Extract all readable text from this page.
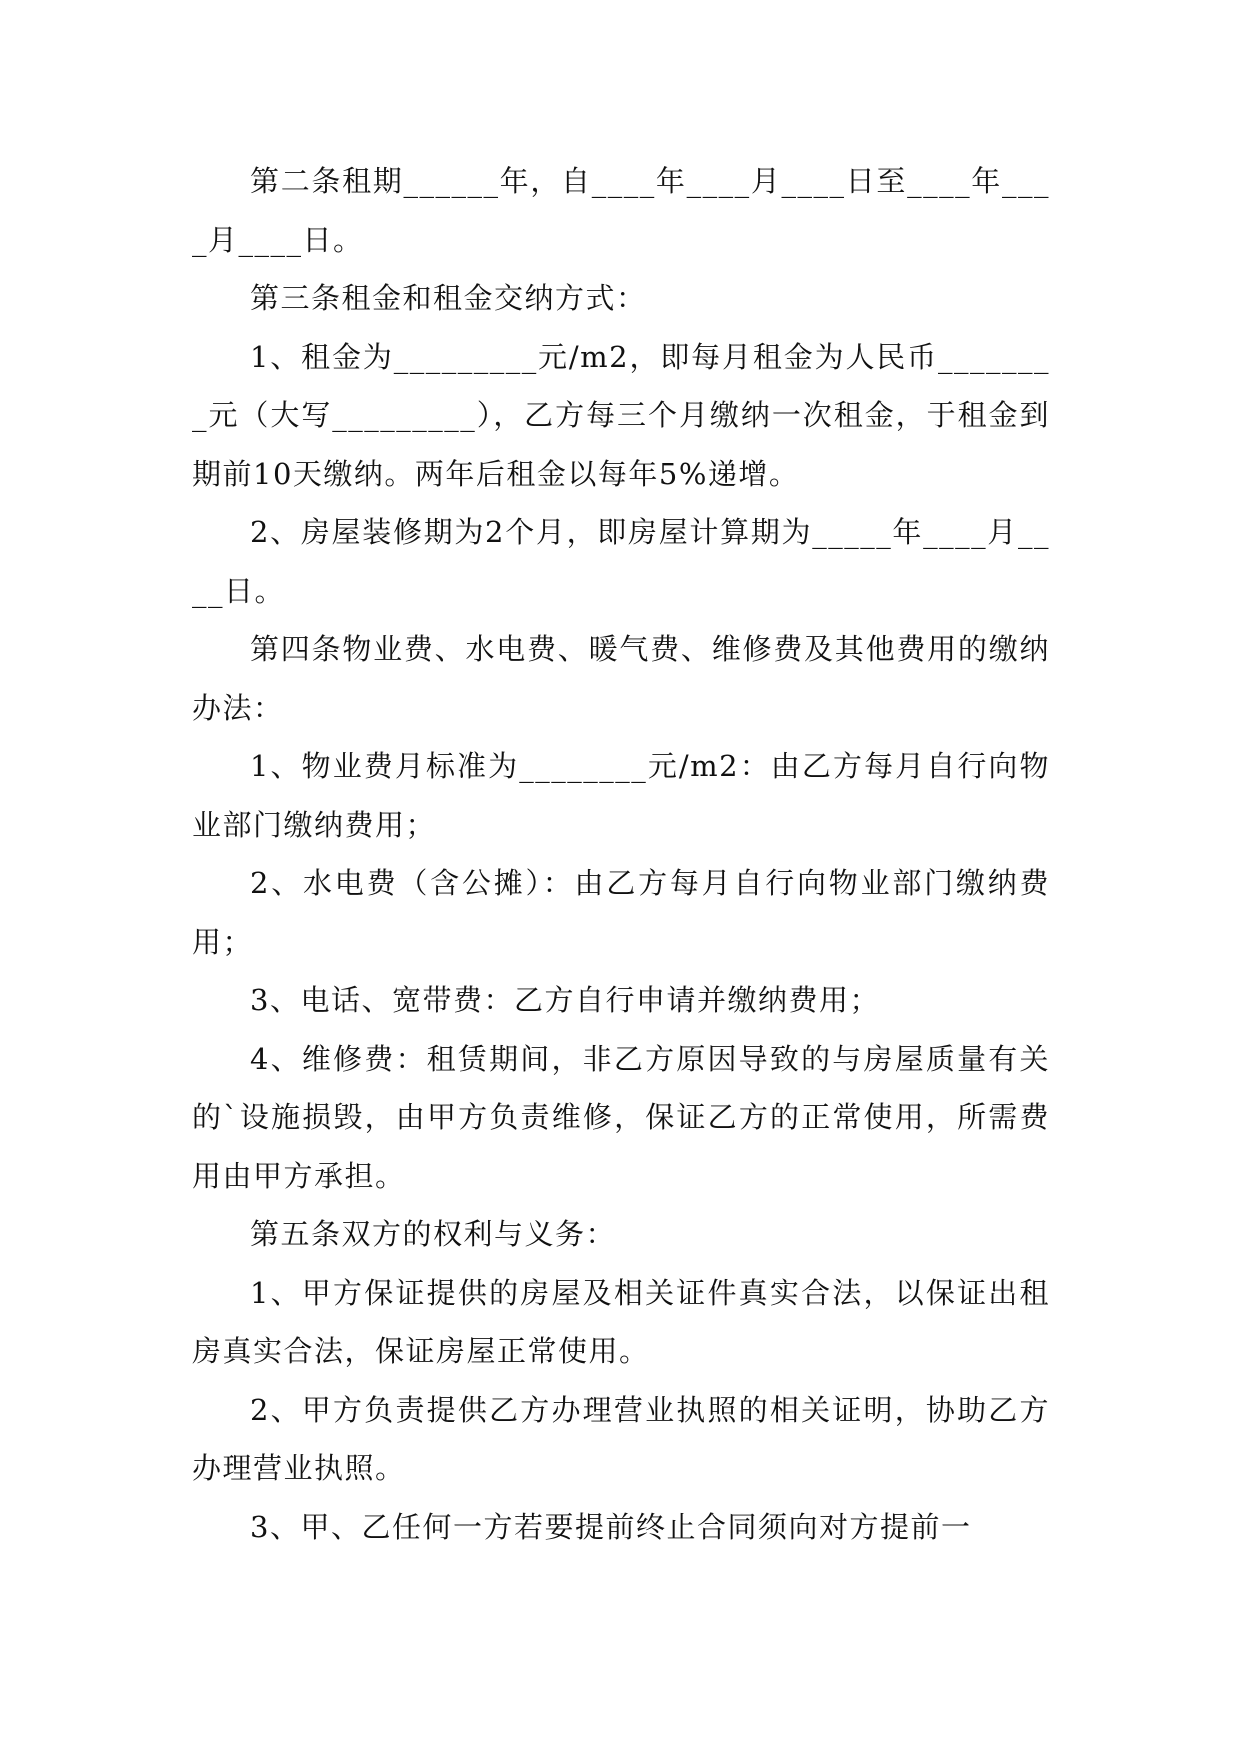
第二条租期______年，自____年____月____日至____年____月____日。

第三条租金和租金交纳方式：

1、租金为_________元/m2，即每月租金为人民币________元（大写_________），乙方每三个月缴纳一次租金，于租金到期前10天缴纳。两年后租金以每年5%递增。

2、房屋装修期为2个月，即房屋计算期为_____年____月____日。

第四条物业费、水电费、暖气费、维修费及其他费用的缴纳办法：

1、物业费月标准为________元/m2：由乙方每月自行向物业部门缴纳费用；

2、水电费（含公摊）：由乙方每月自行向物业部门缴纳费用；

3、电话、宽带费：乙方自行申请并缴纳费用；

4、维修费：租赁期间，非乙方原因导致的与房屋质量有关的`设施损毁，由甲方负责维修，保证乙方的正常使用，所需费用由甲方承担。

第五条双方的权利与义务：

1、甲方保证提供的房屋及相关证件真实合法，以保证出租房真实合法，保证房屋正常使用。

2、甲方负责提供乙方办理营业执照的相关证明，协助乙方办理营业执照。

3、甲、乙任何一方若要提前终止合同须向对方提前一
